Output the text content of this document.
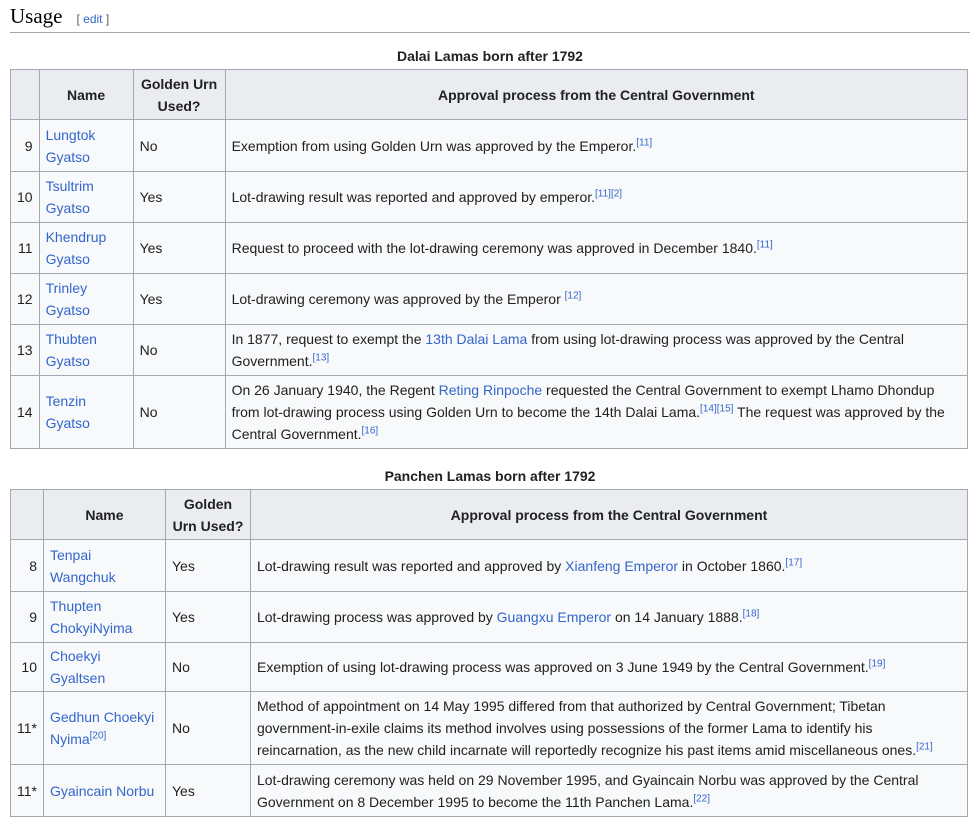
Usage [ edit ]
Dalai Lamas born after 1792
	Name	Golden Urn Used?	Approval process from the Central Government
9	Lungtok Gyatso	No	Exemption from using Golden Urn was approved by the Emperor.[11]
10	Tsultrim Gyatso	Yes	Lot-drawing result was reported and approved by emperor.[11][2]
11	Khendrup Gyatso	Yes	Request to proceed with the lot-drawing ceremony was approved in December 1840.[11]
12	Trinley Gyatso	Yes	Lot-drawing ceremony was approved by the Emperor [12]
13	Thubten Gyatso	No	In 1877, request to exempt the 13th Dalai Lama from using lot-drawing process was approved by the Central Government.[13]
14	Tenzin Gyatso	No	On 26 January 1940, the Regent Reting Rinpoche requested the Central Government to exempt Lhamo Dhondup from lot-drawing process using Golden Urn to become the 14th Dalai Lama.[14][15] The request was approved by the Central Government.[16]
Panchen Lamas born after 1792
	Name	Golden Urn Used?	Approval process from the Central Government
8	Tenpai Wangchuk	Yes	Lot-drawing result was reported and approved by Xianfeng Emperor in October 1860.[17]
9	Thupten ChokyiNyima	Yes	Lot-drawing process was approved by Guangxu Emperor on 14 January 1888.[18]
10	Choekyi Gyaltsen	No	Exemption of using lot-drawing process was approved on 3 June 1949 by the Central Government.[19]
11*	Gedhun Choekyi Nyima[20]	No	Method of appointment on 14 May 1995 differed from that authorized by Central Government; Tibetan government-in-exile claims its method involves using possessions of the former Lama to identify his reincarnation, as the new child incarnate will reportedly recognize his past items amid miscellaneous ones.[21]
11*	Gyaincain Norbu	Yes	Lot-drawing ceremony was held on 29 November 1995, and Gyaincain Norbu was approved by the Central Government on 8 December 1995 to become the 11th Panchen Lama.[22]
